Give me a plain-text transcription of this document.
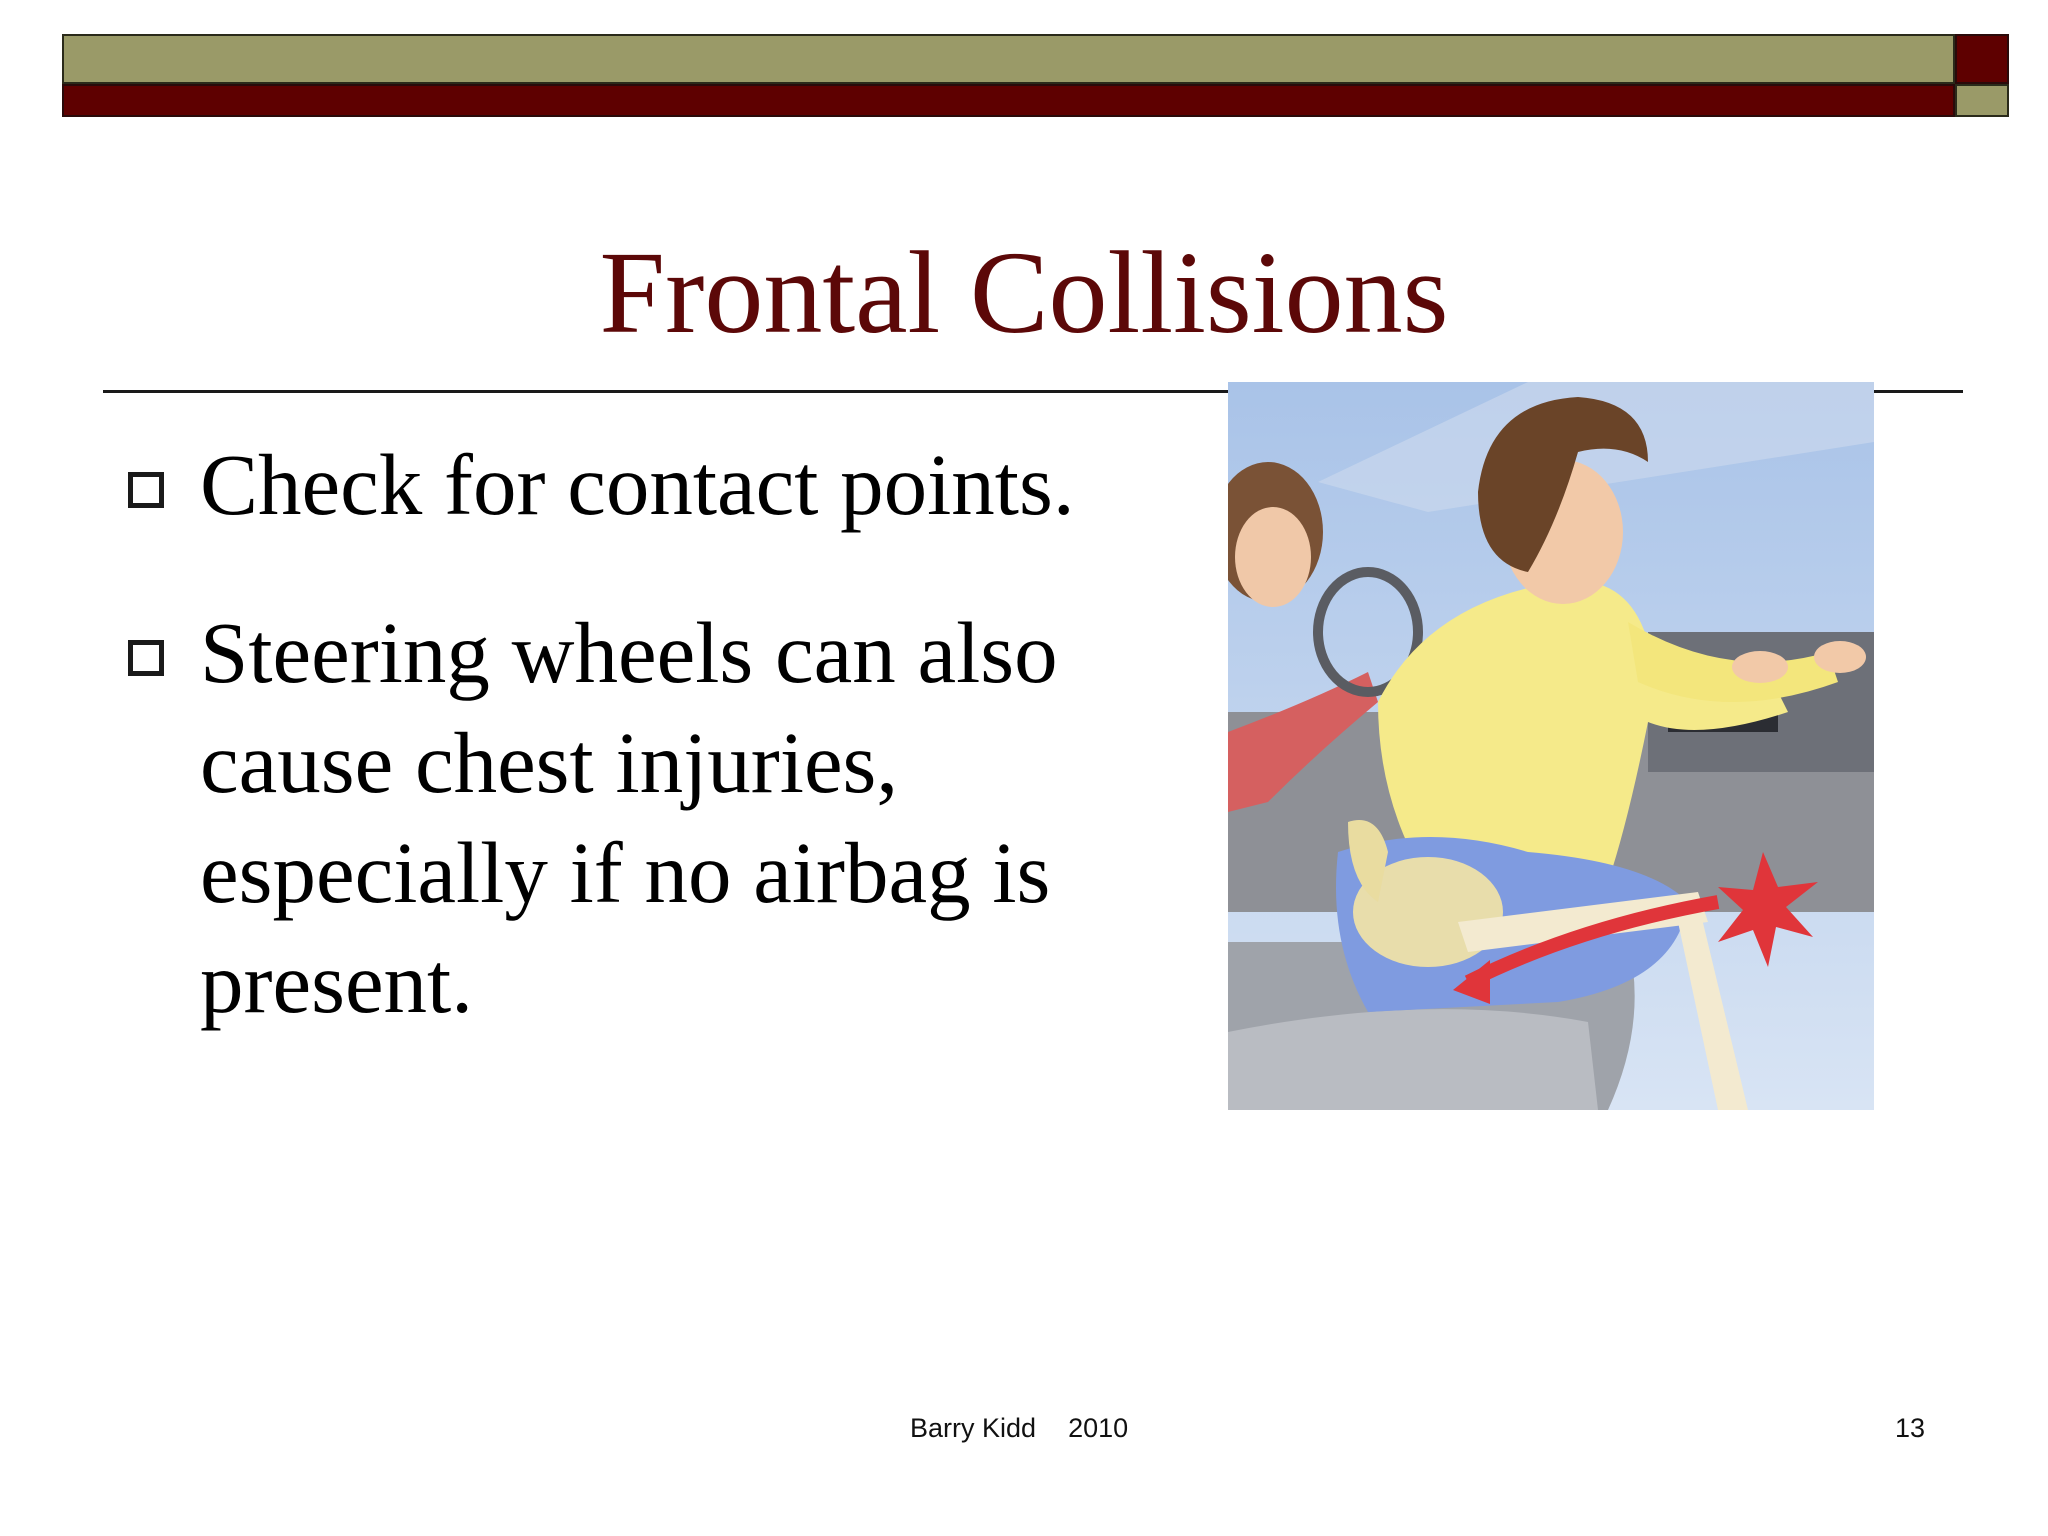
Frontal Collisions
Check for contact points.
Steering wheels can also cause chest injuries, especially if no airbag is present.
Barry Kidd 2010	13
